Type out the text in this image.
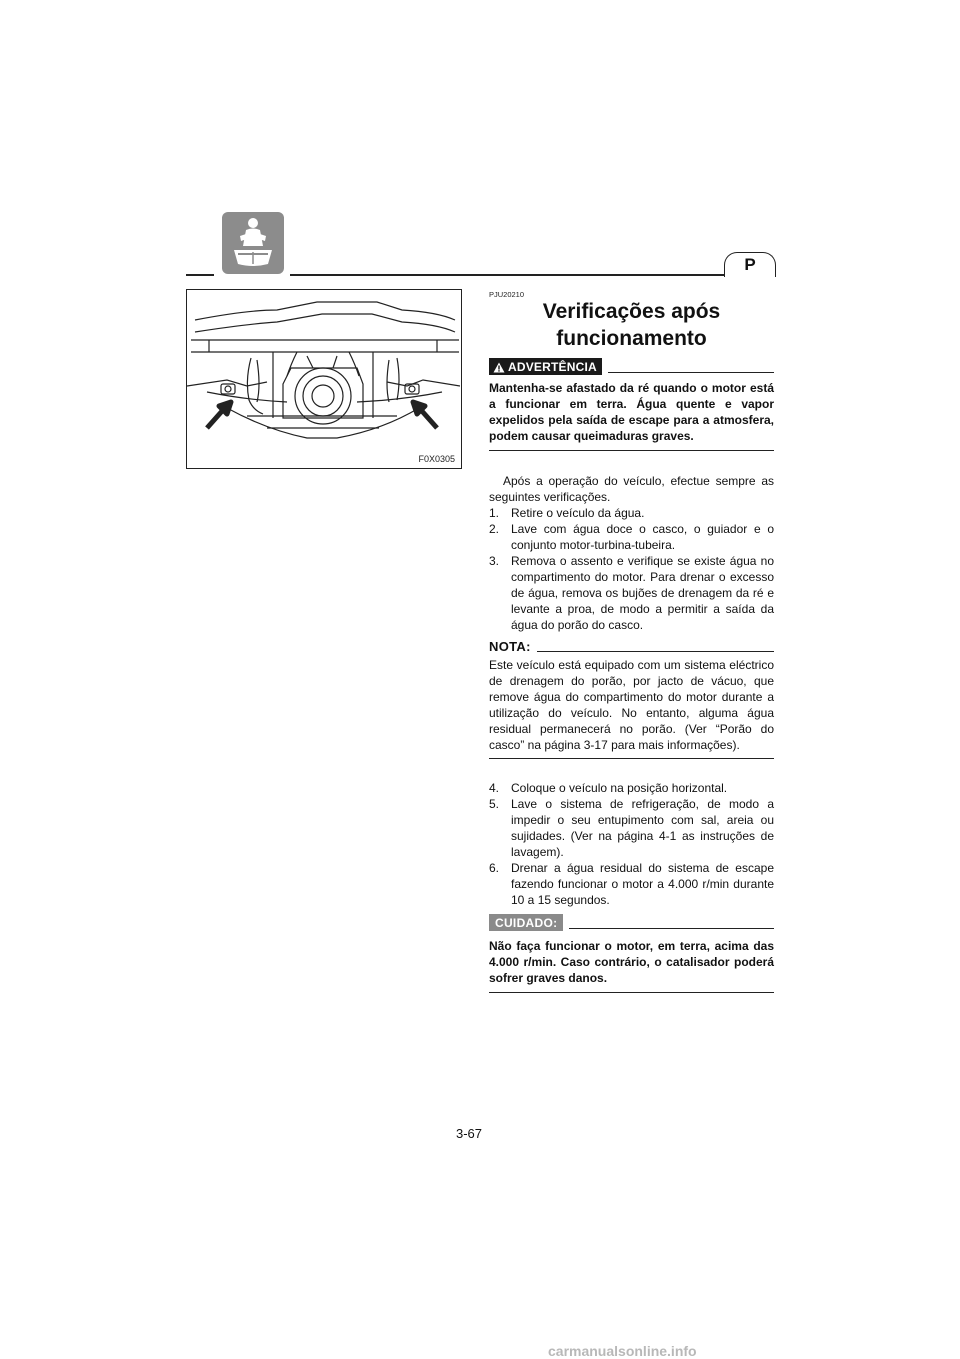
P
F0X0305
PJU20210
Verificações após funcionamento
ADVERTÊNCIA
Mantenha-se afastado da ré quando o motor está a funcionar em terra. Água quente e vapor expelidos pela saída de escape para a atmosfera, podem causar queimaduras graves.
Após a operação do veículo, efectue sempre as seguintes verificações.
1. Retire o veículo da água.
2. Lave com água doce o casco, o guiador e o conjunto motor-turbina-tubeira.
3. Remova o assento e verifique se existe água no compartimento do motor. Para drenar o excesso de água, remova os bujões de drenagem da ré e levante a proa, de modo a permitir a saída da água do porão do casco.
NOTA:
Este veículo está equipado com um sistema eléctrico de drenagem do porão, por jacto de vácuo, que remove água do compartimento do motor durante a utilização do veículo. No entanto, alguma água residual permanecerá no porão. (Ver “Porão do casco” na página 3-17 para mais informações).
4. Coloque o veículo na posição horizontal.
5. Lave o sistema de refrigeração, de modo a impedir o seu entupimento com sal, areia ou sujidades. (Ver na página 4-1 as instruções de lavagem).
6. Drenar a água residual do sistema de escape fazendo funcionar o motor a 4.000 r/min durante 10 a 15 segundos.
CUIDADO:
Não faça funcionar o motor, em terra, acima das 4.000 r/min. Caso contrário, o catalisador poderá sofrer graves danos.
3-67
carmanualsonline.info
